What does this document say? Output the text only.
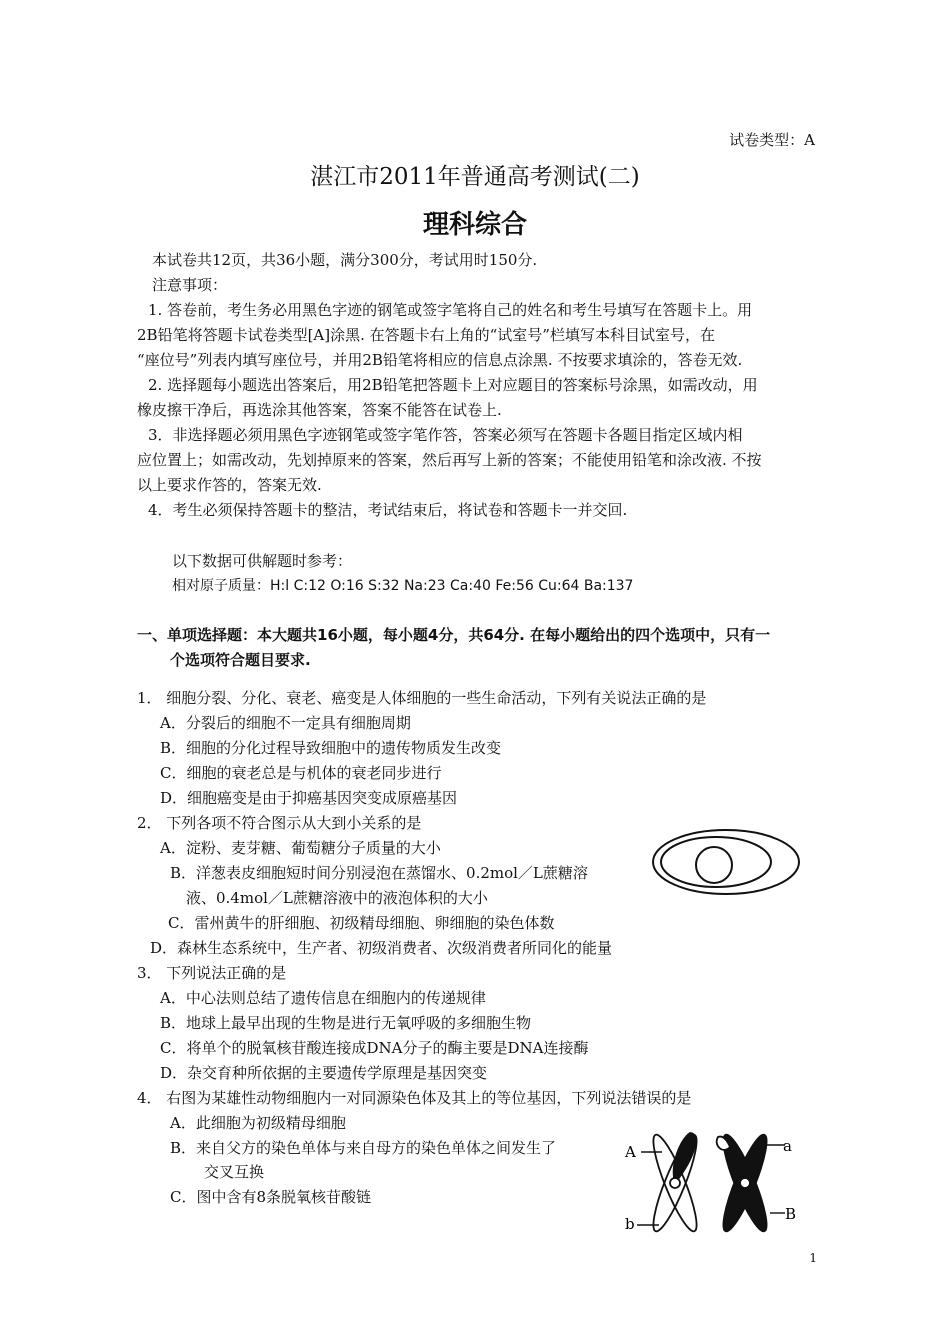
试卷类型：A
湛江市2011年普通高考测试(二)
理科综合
本试卷共12页，共36小题，满分300分，考试用时150分.
注意事项：
1. 答卷前，考生务必用黑色字迹的钢笔或签字笔将自己的姓名和考生号填写在答题卡上。用
2B铅笔将答题卡试卷类型[A]涂黑. 在答题卡右上角的“试室号”栏填写本科目试室号，在
“座位号”列表内填写座位号，并用2B铅笔将相应的信息点涂黑. 不按要求填涂的，答卷无效.
2. 选择题每小题选出答案后，用2B铅笔把答题卡上对应题目的答案标号涂黑，如需改动，用
橡皮擦干净后，再选涂其他答案，答案不能答在试卷上.
3．非选择题必须用黑色字迹钢笔或签字笔作答，答案必须写在答题卡各题目指定区域内相
应位置上；如需改动，先划掉原来的答案，然后再写上新的答案；不能使用铅笔和涂改液. 不按
以上要求作答的，答案无效.
4．考生必须保持答题卡的整洁，考试结束后，将试卷和答题卡一并交回.
以下数据可供解题时参考：
相对原子质量：H:l C:12 O:16 S:32 Na:23 Ca:40 Fe:56 Cu:64 Ba:137
一、单项选择题：本大题共16小题，每小题4分，共64分. 在每小题给出的四个选项中，只有一
个选项符合题目要求.
1． 细胞分裂、分化、衰老、癌变是人体细胞的一些生命活动，下列有关说法正确的是
A．分裂后的细胞不一定具有细胞周期
B．细胞的分化过程导致细胞中的遗传物质发生改变
C．细胞的衰老总是与机体的衰老同步进行
D．细胞癌变是由于抑癌基因突变成原癌基因
2． 下列各项不符合图示从大到小关系的是
A．淀粉、麦芽糖、葡萄糖分子质量的大小
B．洋葱表皮细胞短时间分别浸泡在蒸馏水、0.2mol／L蔗糖溶
液、0.4mol／L蔗糖溶液中的液泡体积的大小
C．雷州黄牛的肝细胞、初级精母细胞、卵细胞的染色体数
D．森林生态系统中，生产者、初级消费者、次级消费者所同化的能量
3． 下列说法正确的是
A．中心法则总结了遗传信息在细胞内的传递规律
B．地球上最早出现的生物是进行无氧呼吸的多细胞生物
C．将单个的脱氧核苷酸连接成DNA分子的酶主要是DNA连接酶
D．杂交育种所依据的主要遗传学原理是基因突变
4． 右图为某雄性动物细胞内一对同源染色体及其上的等位基因，下列说法错误的是
A．此细胞为初级精母细胞
B．来自父方的染色单体与来自母方的染色单体之间发生了
交叉互换
C．图中含有8条脱氧核苷酸链
A
b
a
B
1
